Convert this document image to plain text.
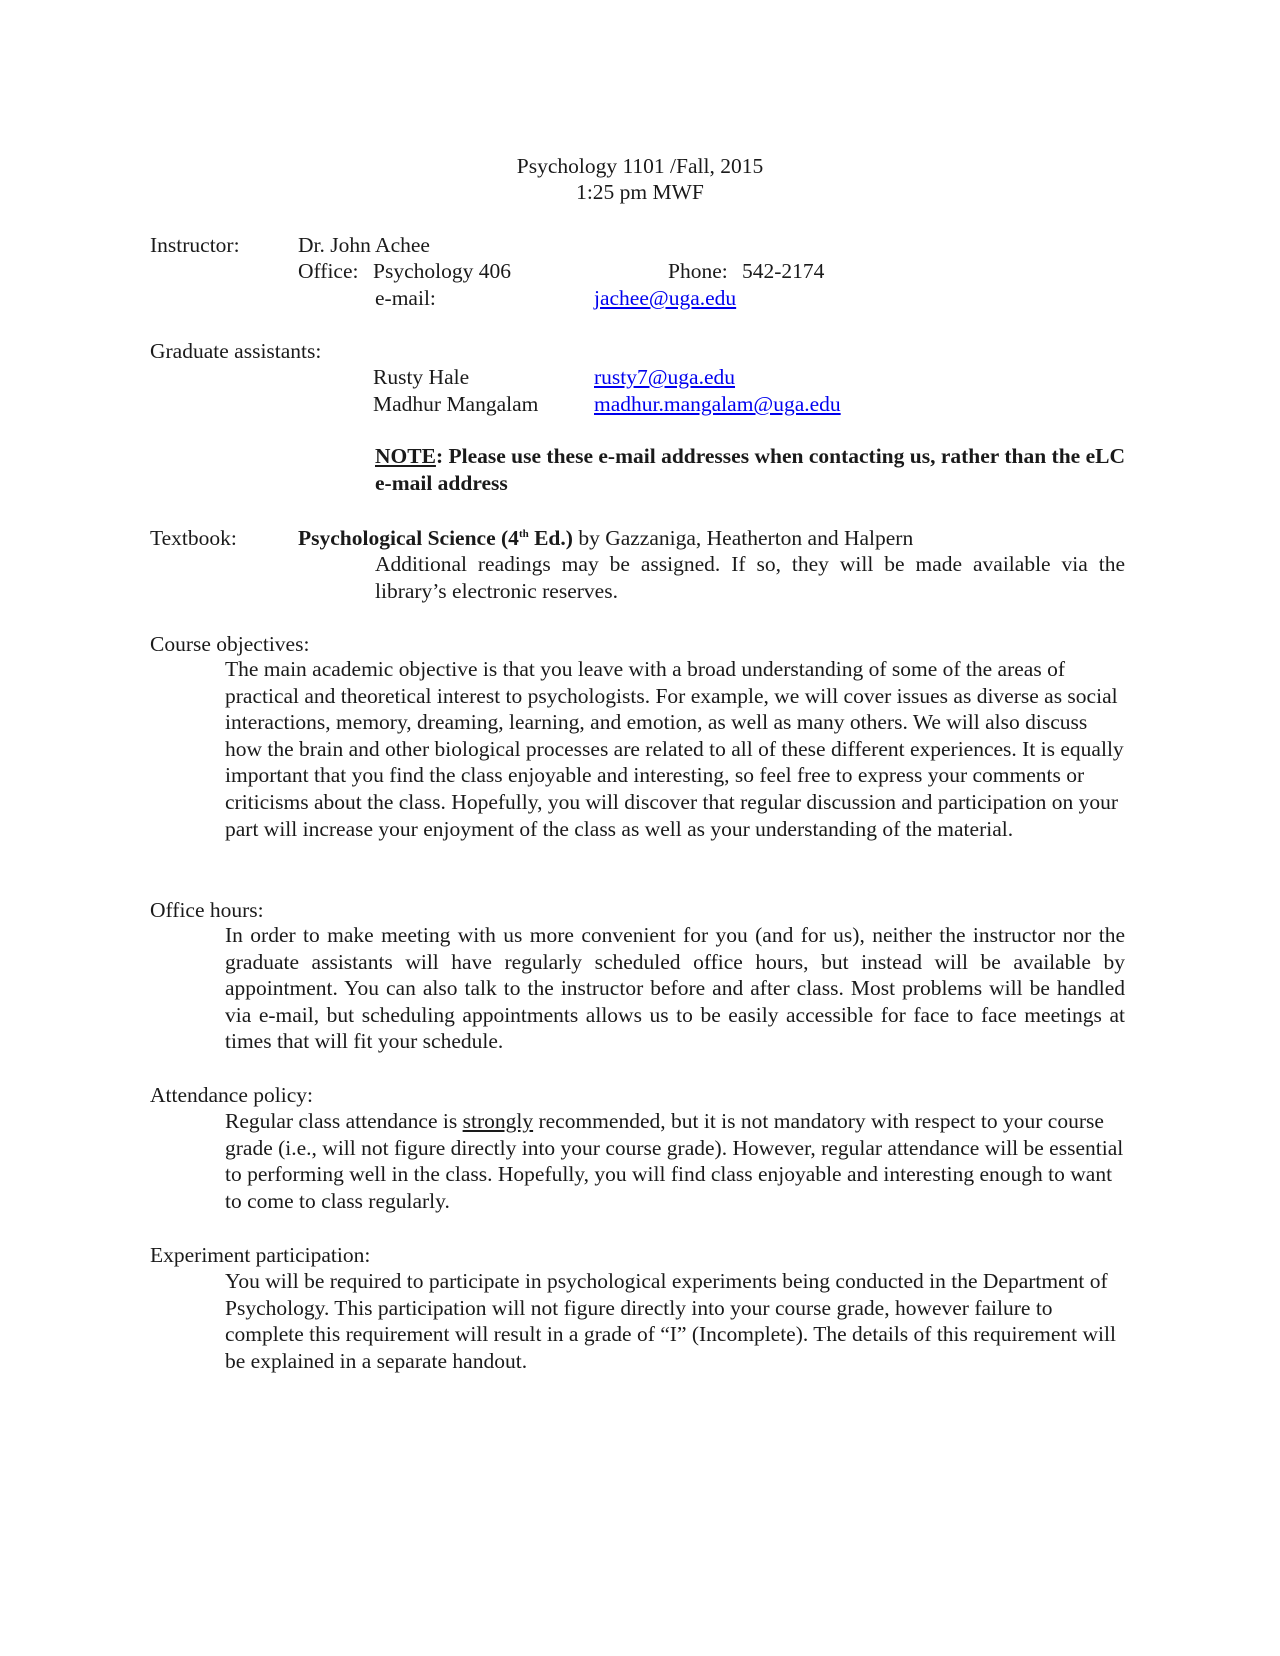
Psychology 1101 /Fall, 2015
1:25 pm MWF
Instructor:	Dr. John Achee
Office: Psychology 406	Phone: 542-2174
e-mail:	jachee@uga.edu
Graduate assistants:
Rusty Hale	rusty7@uga.edu
Madhur Mangalam	madhur.mangalam@uga.edu
NOTE: Please use these e-mail addresses when contacting us, rather than the eLC e-mail address
Textbook:	Psychological Science (4th Ed.) by Gazzaniga, Heatherton and Halpern
Additional readings may be assigned. If so, they will be made available via the library’s electronic reserves.
Course objectives:
The main academic objective is that you leave with a broad understanding of some of the areas of practical and theoretical interest to psychologists. For example, we will cover issues as diverse as social interactions, memory, dreaming, learning, and emotion, as well as many others. We will also discuss how the brain and other biological processes are related to all of these different experiences. It is equally important that you find the class enjoyable and interesting, so feel free to express your comments or criticisms about the class. Hopefully, you will discover that regular discussion and participation on your part will increase your enjoyment of the class as well as your understanding of the material.
Office hours:
In order to make meeting with us more convenient for you (and for us), neither the instructor nor the graduate assistants will have regularly scheduled office hours, but instead will be available by appointment. You can also talk to the instructor before and after class. Most problems will be handled via e-mail, but scheduling appointments allows us to be easily accessible for face to face meetings at times that will fit your schedule.
Attendance policy:
Regular class attendance is strongly recommended, but it is not mandatory with respect to your course grade (i.e., will not figure directly into your course grade). However, regular attendance will be essential to performing well in the class. Hopefully, you will find class enjoyable and interesting enough to want to come to class regularly.
Experiment participation:
You will be required to participate in psychological experiments being conducted in the Department of Psychology. This participation will not figure directly into your course grade, however failure to complete this requirement will result in a grade of “I” (Incomplete). The details of this requirement will be explained in a separate handout.
